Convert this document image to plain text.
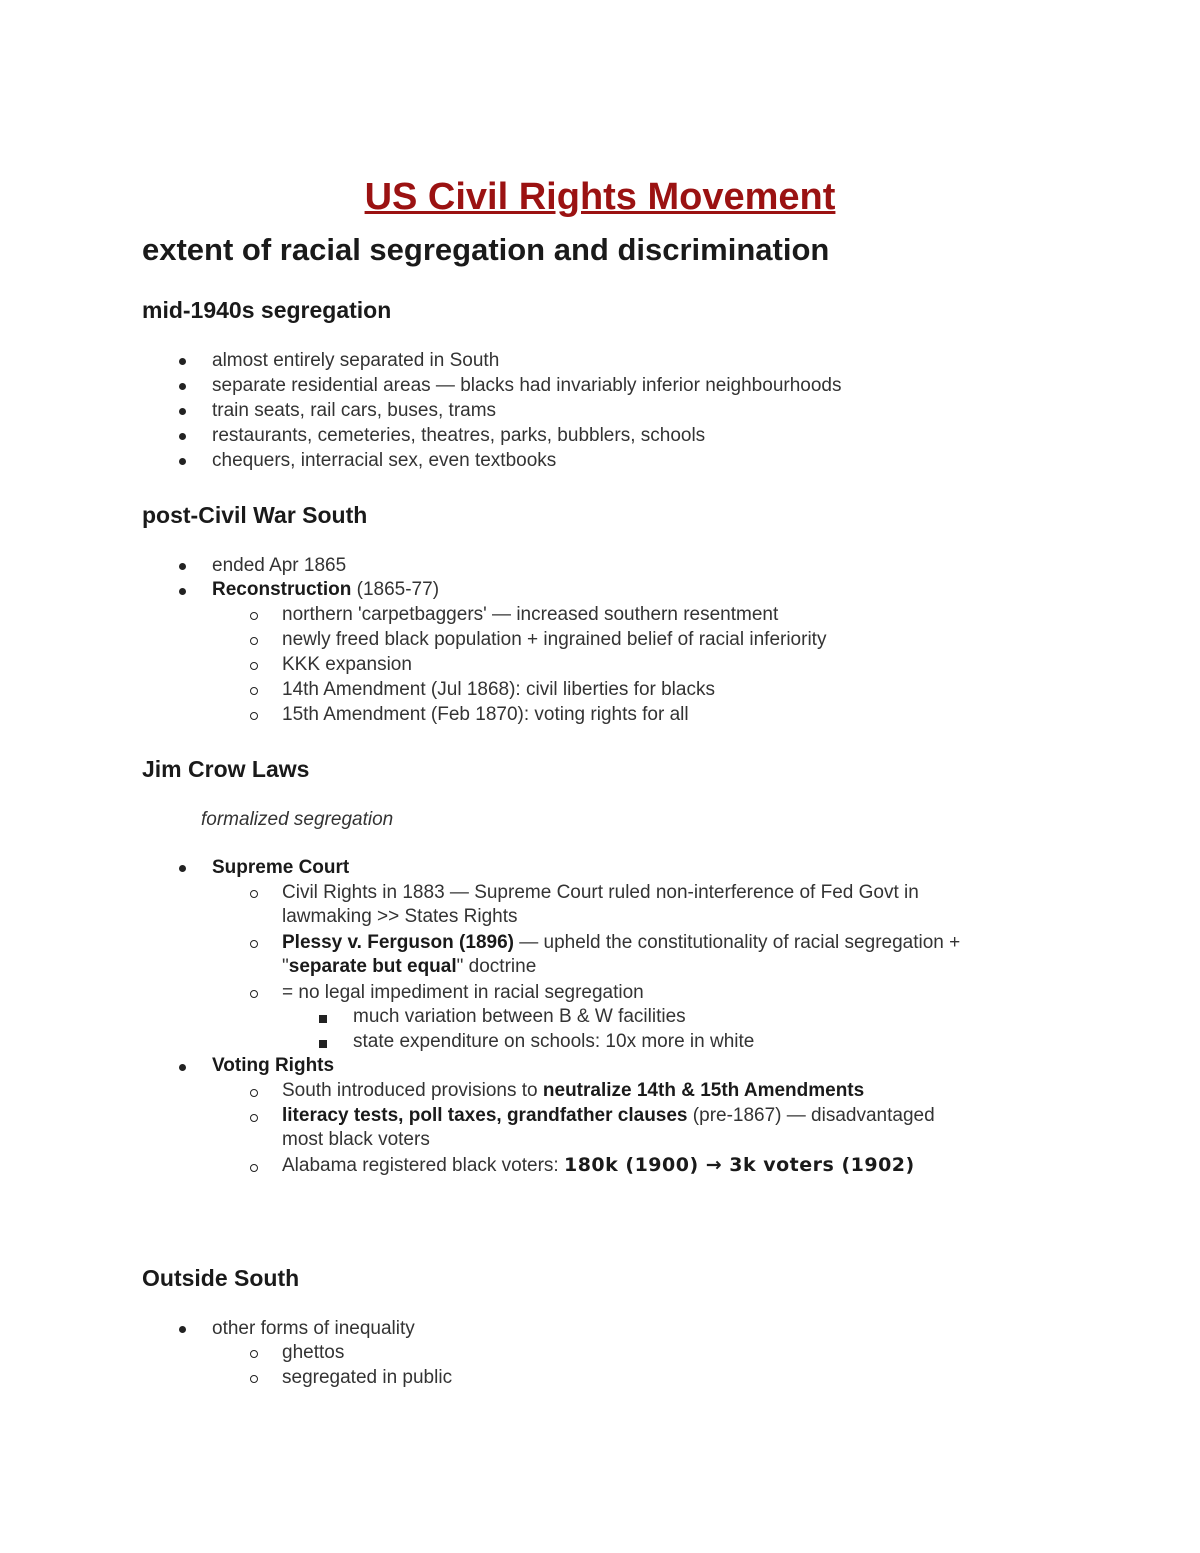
US Civil Rights Movement
extent of racial segregation and discrimination
mid-1940s segregation
almost entirely separated in South
separate residential areas — blacks had invariably inferior neighbourhoods
train seats, rail cars, buses, trams
restaurants, cemeteries, theatres, parks, bubblers, schools
chequers, interracial sex, even textbooks
post-Civil War South
ended Apr 1865
Reconstruction (1865-77)
northern 'carpetbaggers' — increased southern resentment
newly freed black population + ingrained belief of racial inferiority
KKK expansion
14th Amendment (Jul 1868): civil liberties for blacks
15th Amendment (Feb 1870): voting rights for all
Jim Crow Laws
formalized segregation
Supreme Court
Civil Rights in 1883 — Supreme Court ruled non-interference of Fed Govt in
lawmaking >> States Rights
Plessy v. Ferguson (1896) — upheld the constitutionality of racial segregation +
"separate but equal" doctrine
= no legal impediment in racial segregation
much variation between B & W facilities
state expenditure on schools: 10x more in white
Voting Rights
South introduced provisions to neutralize 14th & 15th Amendments
literacy tests, poll taxes, grandfather clauses (pre-1867) — disadvantaged
most black voters
Alabama registered black voters: 180k (1900) → 3k voters (1902)
Outside South
other forms of inequality
ghettos
segregated in public
